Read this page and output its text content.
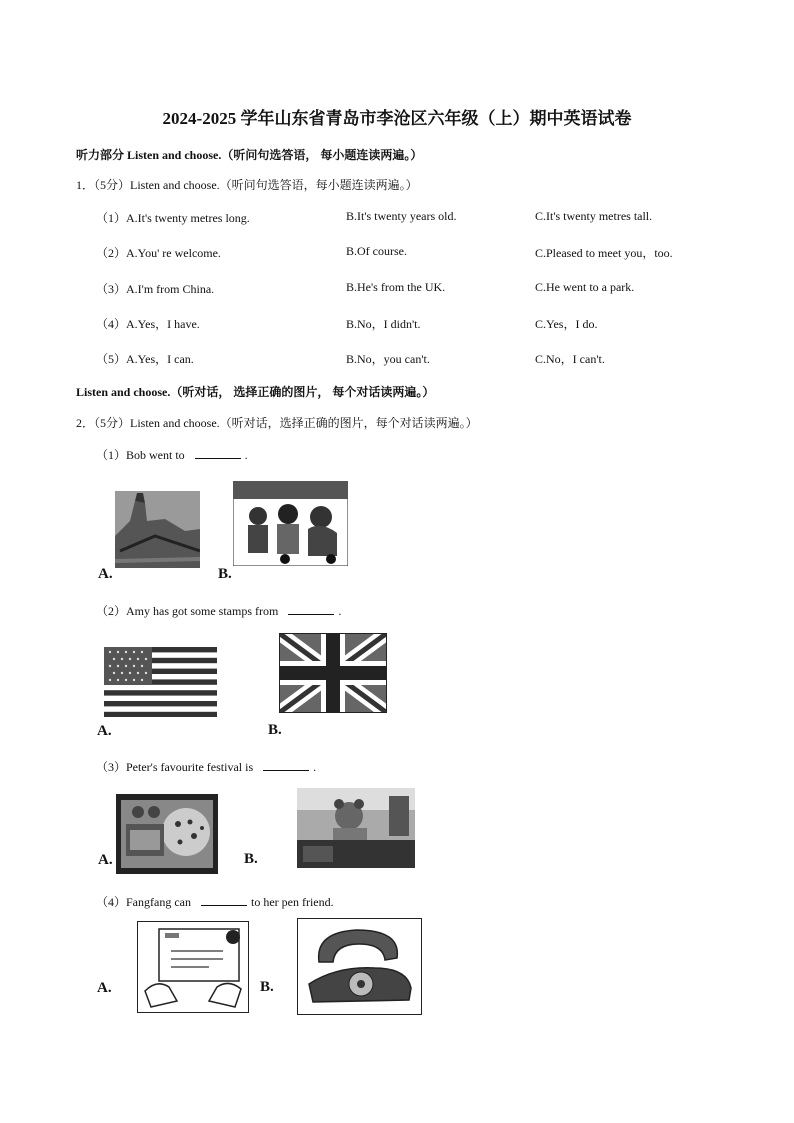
2024-2025 学年山东省青岛市李沧区六年级（上）期中英语试卷
听力部分 Listen and choose.（听问句选答语， 每小题连读两遍。）
1．（5分）Listen and choose.（听问句选答语，每小题连读两遍。）
（1）A.It's twenty metres long.	B.It's twenty years old.	C.It's twenty metres tall.
（2）A.You' re welcome.	B.Of course.	C.Pleased to meet you，too.
（3）A.I'm from China.	B.He's from the UK.	C.He went to a park.
（4）A.Yes，I have.	B.No，I didn't.	C.Yes，I do.
（5）A.Yes，I can.	B.No，you can't.	C.No，I can't.
Listen and choose.（听对话， 选择正确的图片， 每个对话读两遍。）
2．（5分）Listen and choose.（听对话，选择正确的图片，每个对话读两遍。）
（1）Bob went to	.
A.	B.
（2）Amy has got some stamps from	.
A.	B.
（3）Peter's favourite festival is	.
A.	B.
（4）Fangfang can	to her pen friend.
A.	B.
